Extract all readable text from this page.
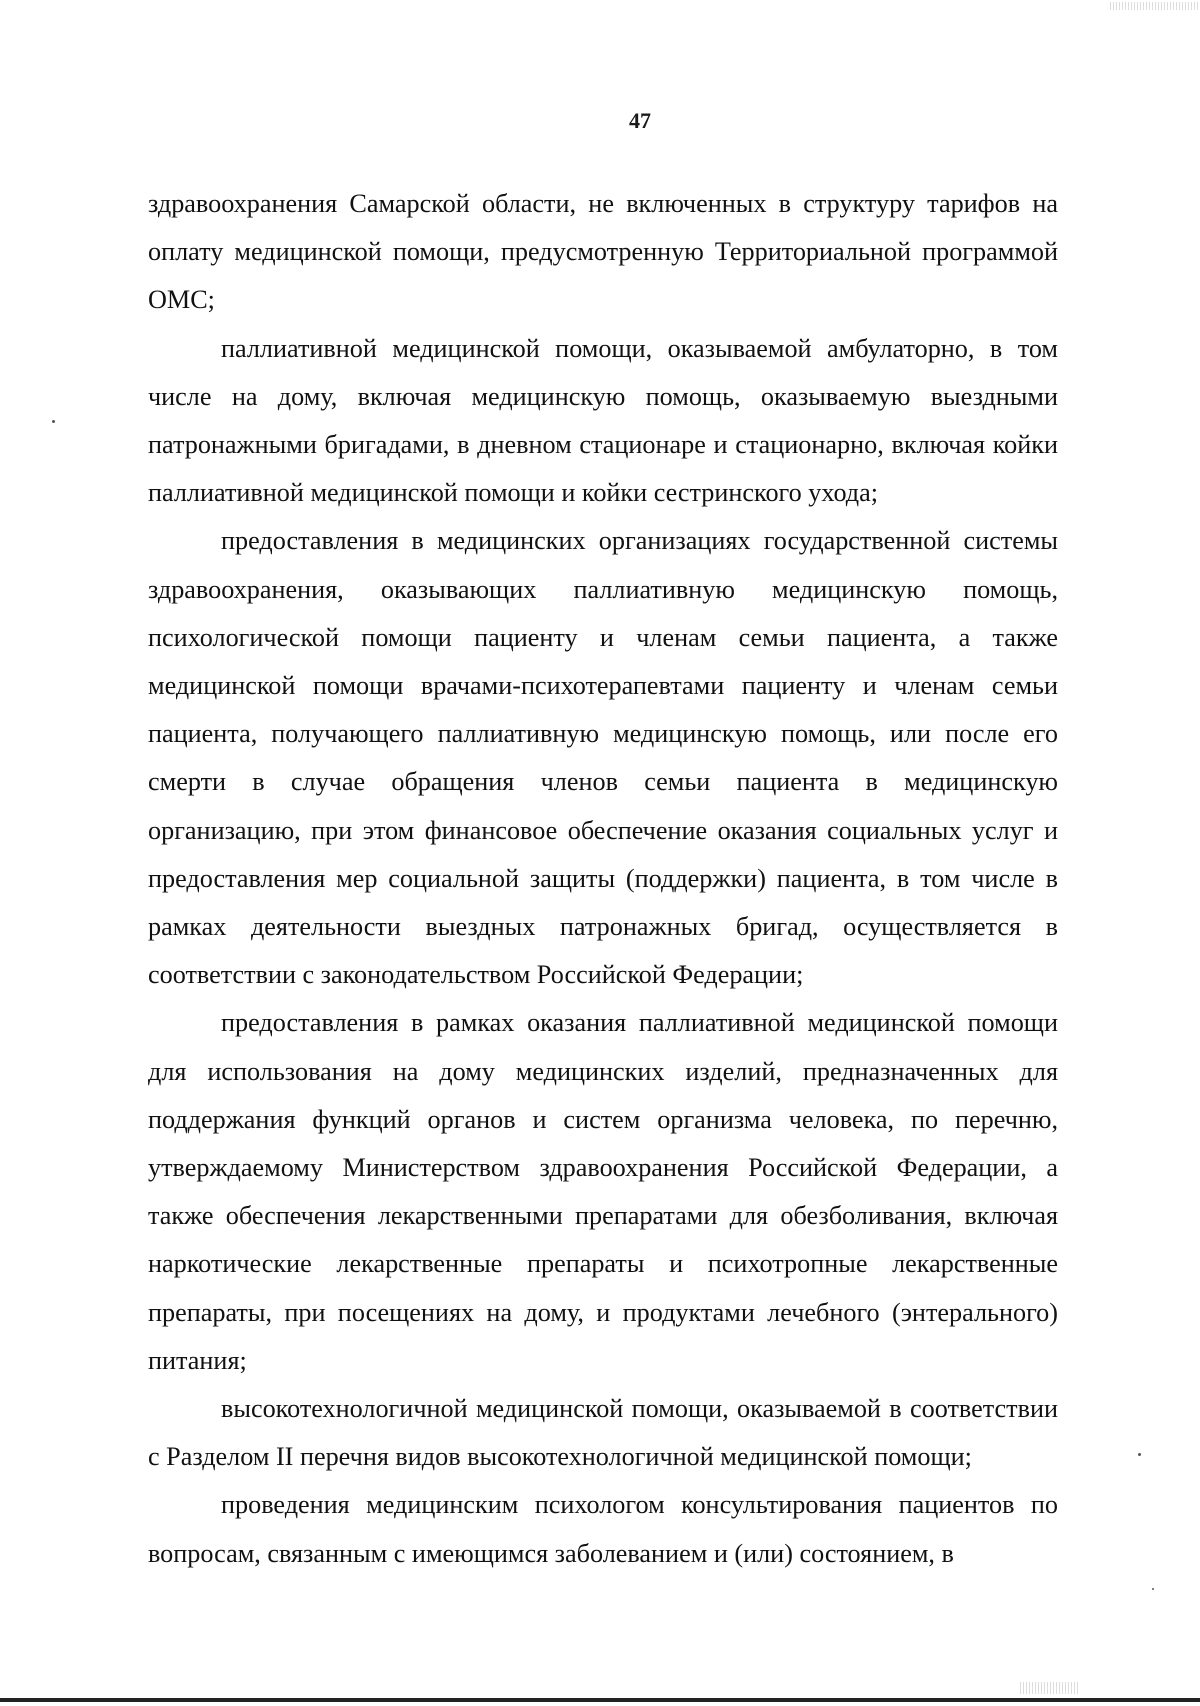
47

здравоохранения Самарской области, не включенных в структуру тарифов на оплату медицинской помощи, предусмотренную Территориальной программой ОМС;

паллиативной медицинской помощи, оказываемой амбулаторно, в том числе на дому, включая медицинскую помощь, оказываемую выездными патронажными бригадами, в дневном стационаре и стационарно, включая койки паллиативной медицинской помощи и койки сестринского ухода;

предоставления в медицинских организациях государственной системы здравоохранения, оказывающих паллиативную медицинскую помощь, психологической помощи пациенту и членам семьи пациента, а также медицинской помощи врачами-психотерапевтами пациенту и членам семьи пациента, получающего паллиативную медицинскую помощь, или после его смерти в случае обращения членов семьи пациента в медицинскую организацию, при этом финансовое обеспечение оказания социальных услуг и предоставления мер социальной защиты (поддержки) пациента, в том числе в рамках деятельности выездных патронажных бригад, осуществляется в соответствии с законодательством Российской Федерации;

предоставления в рамках оказания паллиативной медицинской помощи для использования на дому медицинских изделий, предназначенных для поддержания функций органов и систем организма человека, по перечню, утверждаемому Министерством здравоохранения Российской Федерации, а также обеспечения лекарственными препаратами для обезболивания, включая наркотические лекарственные препараты и психотропные лекарственные препараты, при посещениях на дому, и продуктами лечебного (энтерального) питания;

высокотехнологичной медицинской помощи, оказываемой в соответствии с Разделом II перечня видов высокотехнологичной медицинской помощи;

проведения медицинским психологом консультирования пациентов по вопросам, связанным с имеющимся заболеванием и (или) состоянием, в
